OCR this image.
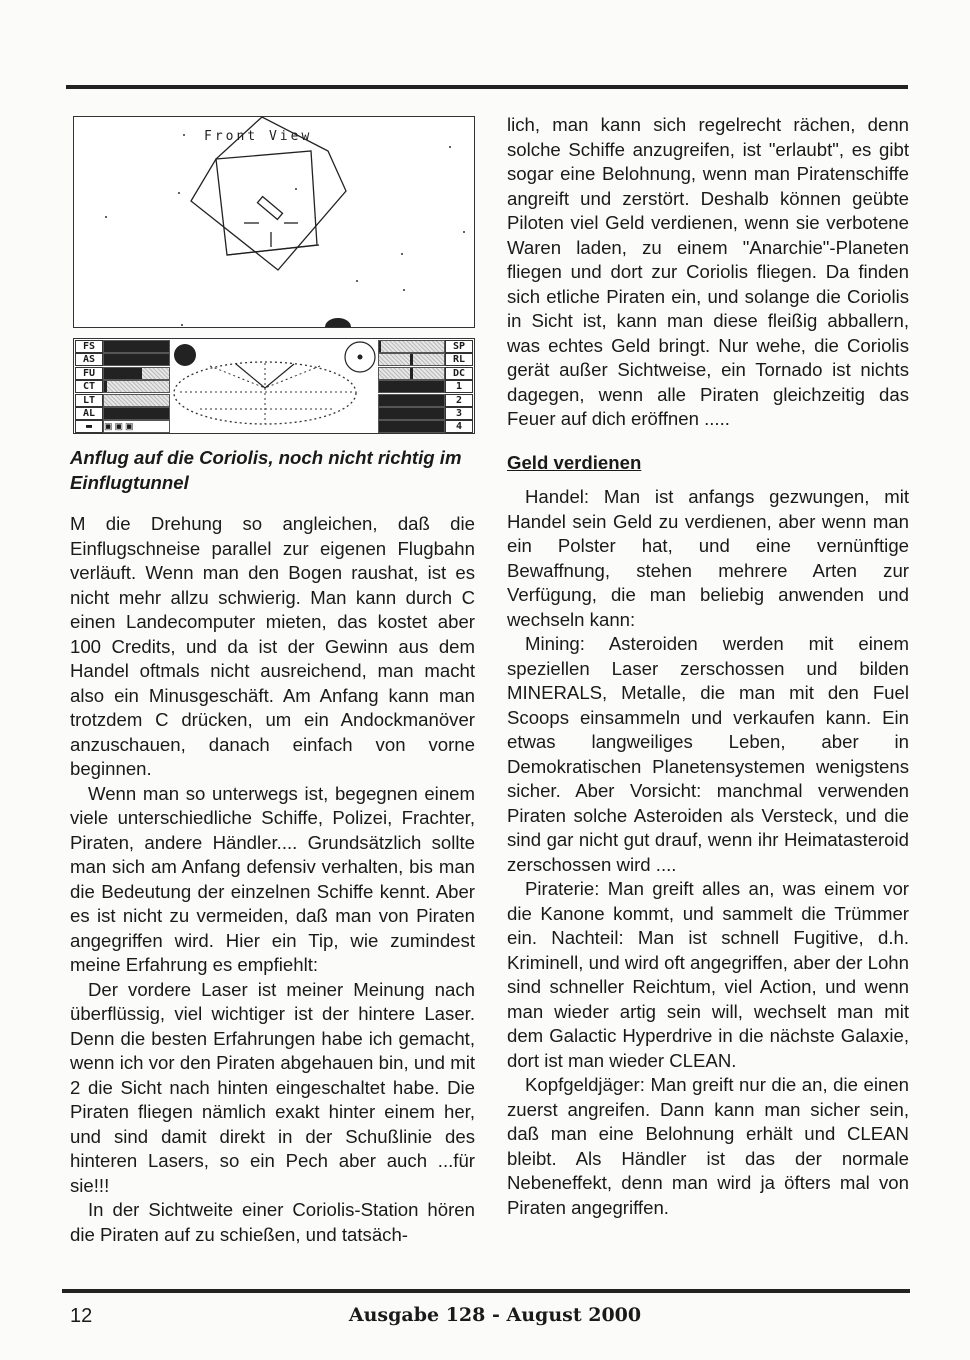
Front View
FS
AS
FU
CT
LT
AL
▬	▣▣▣
SP
RL
DC
1
2
3
4
Anflug auf die Coriolis, noch nicht richtig im Einflugtunnel

M die Drehung so angleichen, daß die Einflugschneise parallel zur eigenen Flugbahn verläuft. Wenn man den Bogen raushat, ist es nicht mehr allzu schwierig. Man kann durch C einen Landecomputer mieten, das kostet aber 100 Credits, und da ist der Gewinn aus dem Handel oftmals nicht ausreichend, man macht also ein Minusgeschäft. Am Anfang kann man trotzdem C drücken, um ein Andockmanöver anzuschauen, danach einfach von vorne beginnen.

Wenn man so unterwegs ist, begegnen einem viele unterschiedliche Schiffe, Polizei, Frachter, Piraten, andere Händler.... Grundsätzlich sollte man sich am Anfang defensiv verhalten, bis man die Bedeutung der einzelnen Schiffe kennt. Aber es ist nicht zu vermeiden, daß man von Piraten angegriffen wird. Hier ein Tip, wie zumindest meine Erfahrung es empfiehlt:

Der vordere Laser ist meiner Meinung nach überflüssig, viel wichtiger ist der hintere Laser. Denn die besten Erfahrungen habe ich gemacht, wenn ich vor den Piraten abgehauen bin, und mit 2 die Sicht nach hinten eingeschaltet habe. Die Piraten fliegen nämlich exakt hinter einem her, und sind damit direkt in der Schußlinie des hinteren Lasers, so ein Pech aber auch ...für sie!!!

In der Sichtweite einer Coriolis-Station hören die Piraten auf zu schießen, und tatsäch-

lich, man kann sich regelrecht rächen, denn solche Schiffe anzugreifen, ist "erlaubt", es gibt sogar eine Belohnung, wenn man Piratenschiffe angreift und zerstört. Deshalb können geübte Piloten viel Geld verdienen, wenn sie verbotene Waren laden, zu einem "Anarchie"-Planeten fliegen und dort zur Coriolis fliegen. Da finden sich etliche Piraten ein, und solange die Coriolis in Sicht ist, kann man diese fleißig abballern, was echtes Geld bringt. Nur wehe, die Coriolis gerät außer Sichtweise, ein Tornado ist nichts dagegen, wenn alle Piraten gleichzeitig das Feuer auf dich eröffnen .....

Geld verdienen

Handel: Man ist anfangs gezwungen, mit Handel sein Geld zu verdienen, aber wenn man ein Polster hat, und eine vernünftige Bewaffnung, stehen mehrere Arten zur Verfügung, die man beliebig anwenden und wechseln kann:

Mining: Asteroiden werden mit einem speziellen Laser zerschossen und bilden MINERALS, Metalle, die man mit den Fuel Scoops einsammeln und verkaufen kann. Ein etwas langweiliges Leben, aber in Demokratischen Planetensystemen wenigstens sicher. Aber Vorsicht: manchmal verwenden Piraten solche Asteroiden als Versteck, und die sind gar nicht gut drauf, wenn ihr Heimatasteroid zerschossen wird ....

Piraterie: Man greift alles an, was einem vor die Kanone kommt, und sammelt die Trümmer ein. Nachteil: Man ist schnell Fugitive, d.h. Kriminell, und wird oft angegriffen, aber der Lohn sind schneller Reichtum, viel Action, und wenn man wieder artig sein will, wechselt man mit dem Galactic Hyperdrive in die nächste Galaxie, dort ist man wieder CLEAN.

Kopfgeldjäger: Man greift nur die an, die einen zuerst angreifen. Dann kann man sicher sein, daß man eine Belohnung erhält und CLEAN bleibt. Als Händler ist das der normale Nebeneffekt, denn man wird ja öfters mal von Piraten angegriffen.

12	Ausgabe 128 - August 2000
